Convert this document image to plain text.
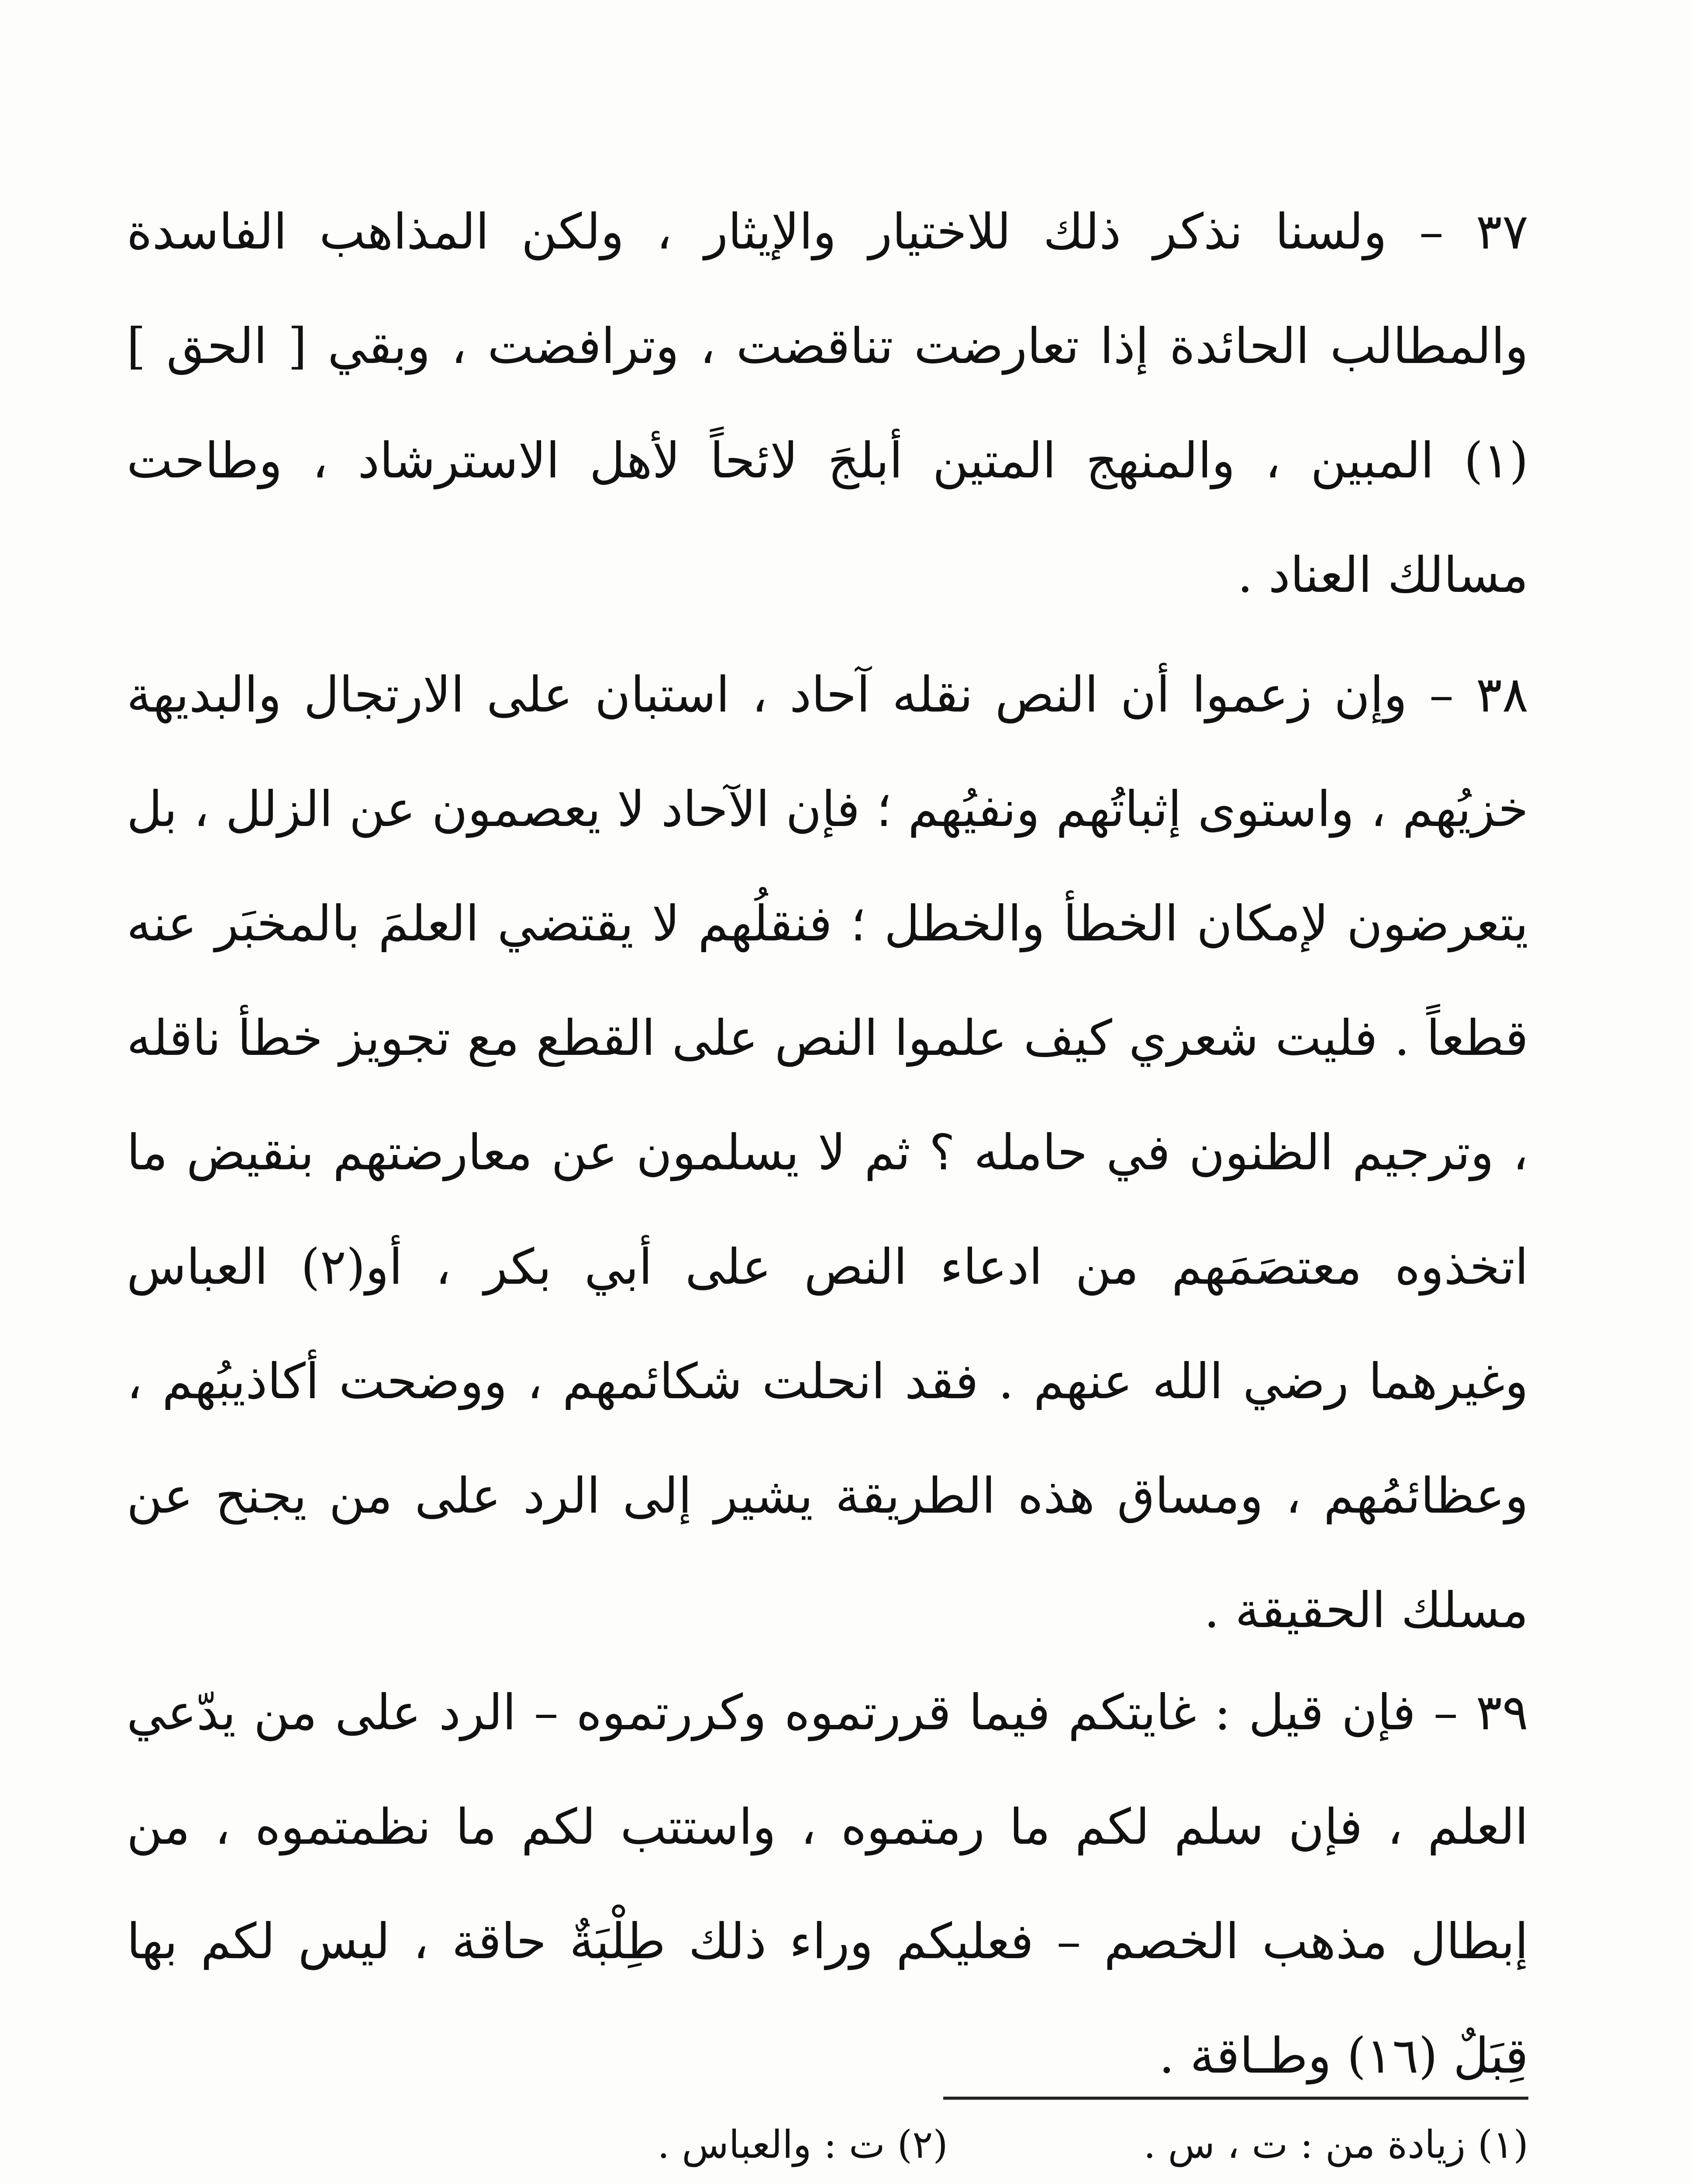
٣٧ – ولسنا نذكر ذلك للاختيار والإيثار ، ولكن المذاهب الفاسدة والمطالب الحائدة إذا تعارضت تناقضت ، وترافضت ، وبقي [ الحق ] (١) المبين ، والمنهج المتين أبلجَ لائحاً لأهل الاسترشاد ، وطاحت مسالك العناد .

٣٨ – وإن زعموا أن النص نقله آحاد ، استبان على الارتجال والبديهة خزيُهم ، واستوى إثباتُهم ونفيُهم ؛ فإن الآحاد لا يعصمون عن الزلل ، بل يتعرضون لإمكان الخطأ والخطل ؛ فنقلُهم لا يقتضي العلمَ بالمخبَر عنه قطعاً . فليت شعري كيف علموا النص على القطع مع تجويز خطأ ناقله ، وترجيم الظنون في حامله ؟ ثم لا يسلمون عن معارضتهم بنقيض ما اتخذوه معتصَمَهم من ادعاء النص على أبي بكر ، أو(٢) العباس وغيرهما رضي الله عنهم . فقد انحلت شكائمهم ، ووضحت أكاذيبُهم ، وعظائمُهم ، ومساق هذه الطريقة يشير إلى الرد على من يجنح عن مسلك الحقيقة .

٣٩ – فإن قيل : غايتكم فيما قررتموه وكررتموه – الرد على من يدّعي العلم ، فإن سلم لكم ما رمتموه ، واستتب لكم ما نظمتموه ، من إبطال مذهب الخصم – فعليكم وراء ذلك طِلْبَةٌ حاقة ، ليس لكم بها قِبَلٌ (١٦) وطـاقة .

(١) زيادة من : ت ، س . (٢) ت : والعباس .
